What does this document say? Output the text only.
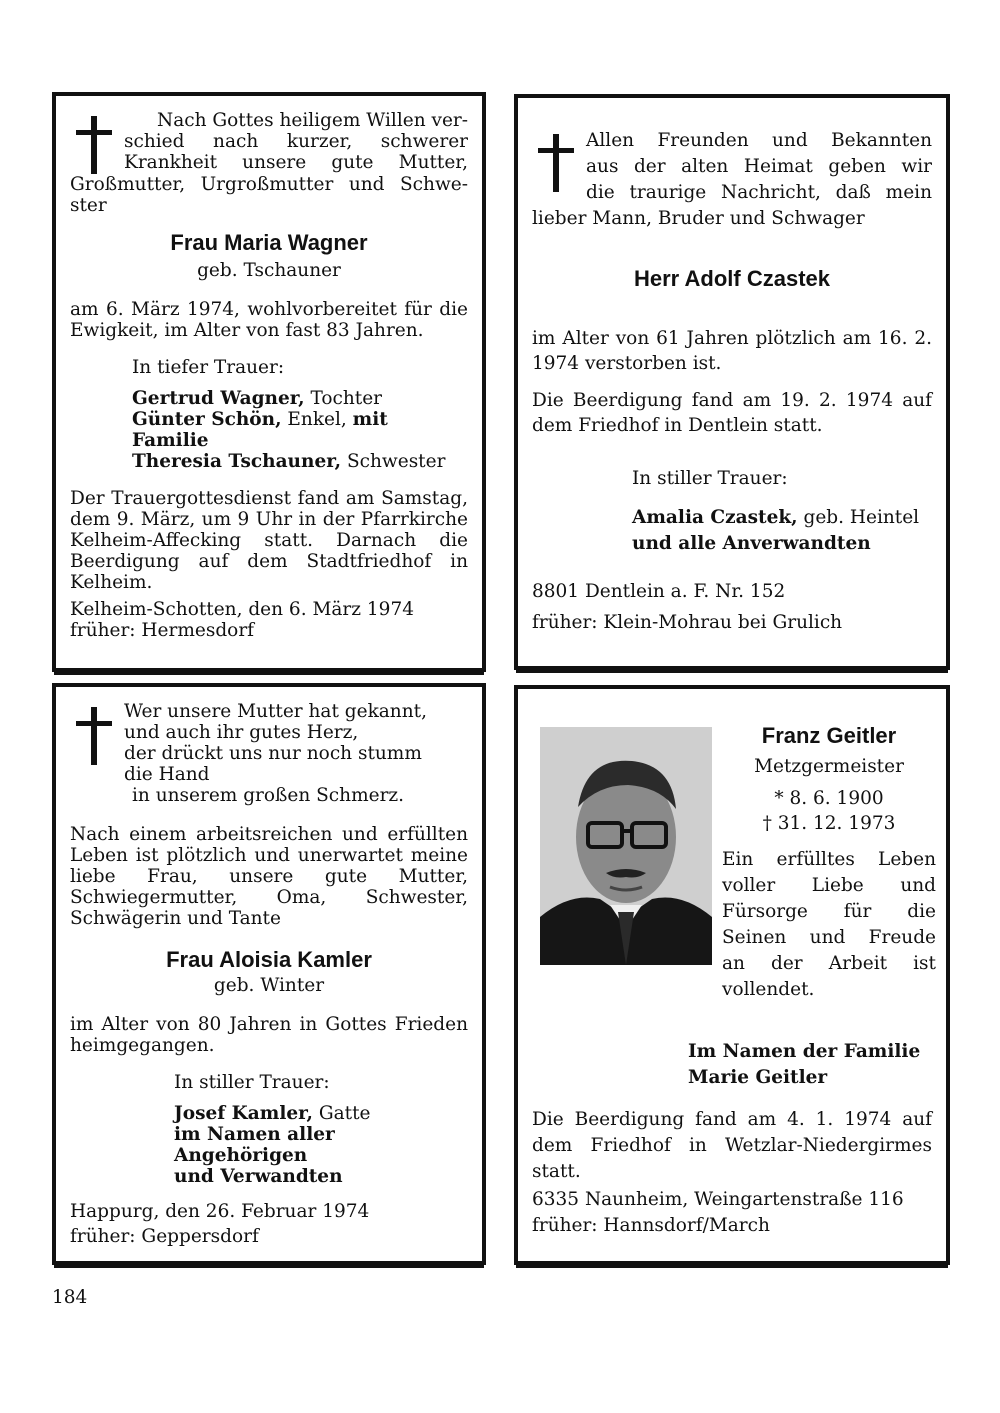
Nach Gottes heiligem Willen ver-

schied nach kurzer, schwerer

Krankheit unsere gute Mutter,

Großmutter, Urgroßmutter und Schwe-

ster

Frau Maria Wagner

geb. Tschauner

am 6. März 1974, wohlvorbereitet für die Ewigkeit, im Alter von fast 83 Jahren.

In tiefer Trauer:

Gertrud Wagner, Tochter

Günter Schön, Enkel, mit Familie

Theresia Tschauner, Schwester

Der Trauergottesdienst fand am Samstag, dem 9. März, um 9 Uhr in der Pfarrkirche Kelheim-Affecking statt. Darnach die Beerdigung auf dem Stadtfriedhof in Kelheim.

Kelheim-Schotten, den 6. März 1974

früher: Hermesdorf

Allen Freunden und Bekannten

aus der alten Heimat geben wir

die traurige Nachricht, daß mein

lieber Mann, Bruder und Schwager

Herr Adolf Czastek

im Alter von 61 Jahren plötzlich am 16. 2. 1974 verstorben ist.

Die Beerdigung fand am 19. 2. 1974 auf dem Friedhof in Dentlein statt.

In stiller Trauer:

Amalia Czastek, geb. Heintel

und alle Anverwandten

8801 Dentlein a. F. Nr. 152

früher: Klein-Mohrau bei Grulich

Wer unsere Mutter hat gekannt,

und auch ihr gutes Herz,

der drückt uns nur noch stumm

die Hand

in unserem großen Schmerz.

Nach einem arbeitsreichen und erfüllten Leben ist plötzlich und unerwartet meine liebe Frau, unsere gute Mutter, Schwiegermutter, Oma, Schwester, Schwägerin und Tante

Frau Aloisia Kamler

geb. Winter

im Alter von 80 Jahren in Gottes Frieden heimgegangen.

In stiller Trauer:

Josef Kamler, Gatte

im Namen aller Angehörigen

und Verwandten

Happurg, den 26. Februar 1974

früher: Geppersdorf

Franz Geitler

Metzgermeister

* 8. 6. 1900

† 31. 12. 1973

Ein erfülltes Leben

voller Liebe und

Fürsorge für die

Seinen und Freude

an der Arbeit ist

vollendet.

Im Namen der Familie

Marie Geitler

Die Beerdigung fand am 4. 1. 1974 auf dem Friedhof in Wetzlar-Niedergirmes statt.

6335 Naunheim, Weingartenstraße 116

früher: Hannsdorf/March

184
